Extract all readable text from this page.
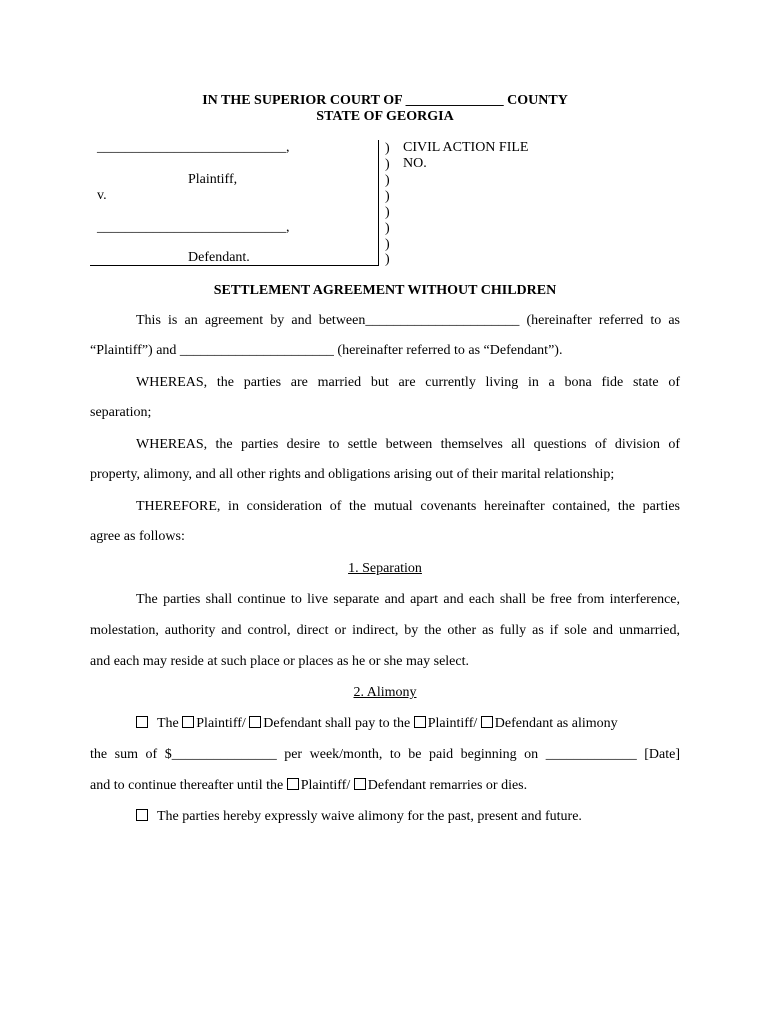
IN THE SUPERIOR COURT OF ______________ COUNTY
STATE OF GEORGIA
___________________________,
Plaintiff,
v.
___________________________,
Defendant.
)
)
)
)
)
)
)
)
CIVIL ACTION FILE
NO.
SETTLEMENT AGREEMENT WITHOUT CHILDREN
This is an agreement by and between______________________ (hereinafter referred to as
“Plaintiff”) and ______________________ (hereinafter referred to as “Defendant”).
WHEREAS, the parties are married but are currently living in a bona fide state of
separation;
WHEREAS, the parties desire to settle between themselves all questions of division of
property, alimony, and all other rights and obligations arising out of their marital relationship;
THEREFORE, in consideration of the mutual covenants hereinafter contained, the parties
agree as follows:
1. Separation
The parties shall continue to live separate and apart and each shall be free from interference,
molestation, authority and control, direct or indirect, by the other as fully as if sole and unmarried,
and each may reside at such place or places as he or she may select.
2. Alimony
The Plaintiff/ Defendant shall pay to the Plaintiff/ Defendant as alimony
the sum of $_______________ per week/month, to be paid beginning on _____________ [Date]
and to continue thereafter until the Plaintiff/ Defendant remarries or dies.
The parties hereby expressly waive alimony for the past, present and future.
